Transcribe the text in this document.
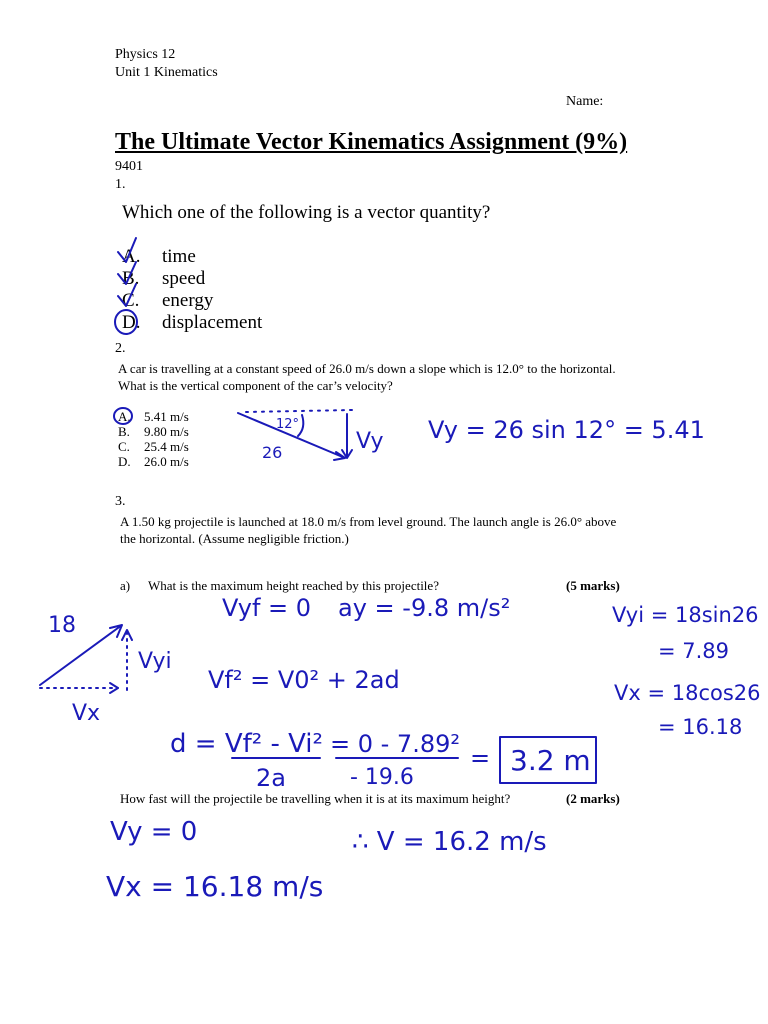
Physics 12
Unit 1 Kinematics
Name:
The Ultimate Vector Kinematics Assignment (9%)
9401
1.
Which one of the following is a vector quantity?
A. time
B. speed
C. energy
D. displacement
2.
A car is travelling at a constant speed of 26.0 m/s down a slope which is 12.0° to the horizontal.
What is the vertical component of the car’s velocity?
A. 5.41 m/s
B. 9.80 m/s
C. 25.4 m/s
D. 26.0 m/s
3.
A 1.50 kg projectile is launched at 18.0 m/s from level ground. The launch angle is 26.0° above
the horizontal. (Assume negligible friction.)
a) What is the maximum height reached by this projectile?	(5 marks)
How fast will the projectile be travelling when it is at its maximum height?	(2 marks)
12°
26	Vy Vy = 26 sin 12° = 5.41
18
Vyi
Vx
Vyf = 0 ay = -9.8 m/s²
Vf² = V0² + 2ad
Vyi = 18sin26
= 7.89
Vx = 18cos26
= 16.18
d = Vf² - Vi²
2a
= 0 - 7.89²
- 19.6
= 3.2 m
Vy = 0	∴ V = 16.2 m/s
Vx = 16.18 m/s
